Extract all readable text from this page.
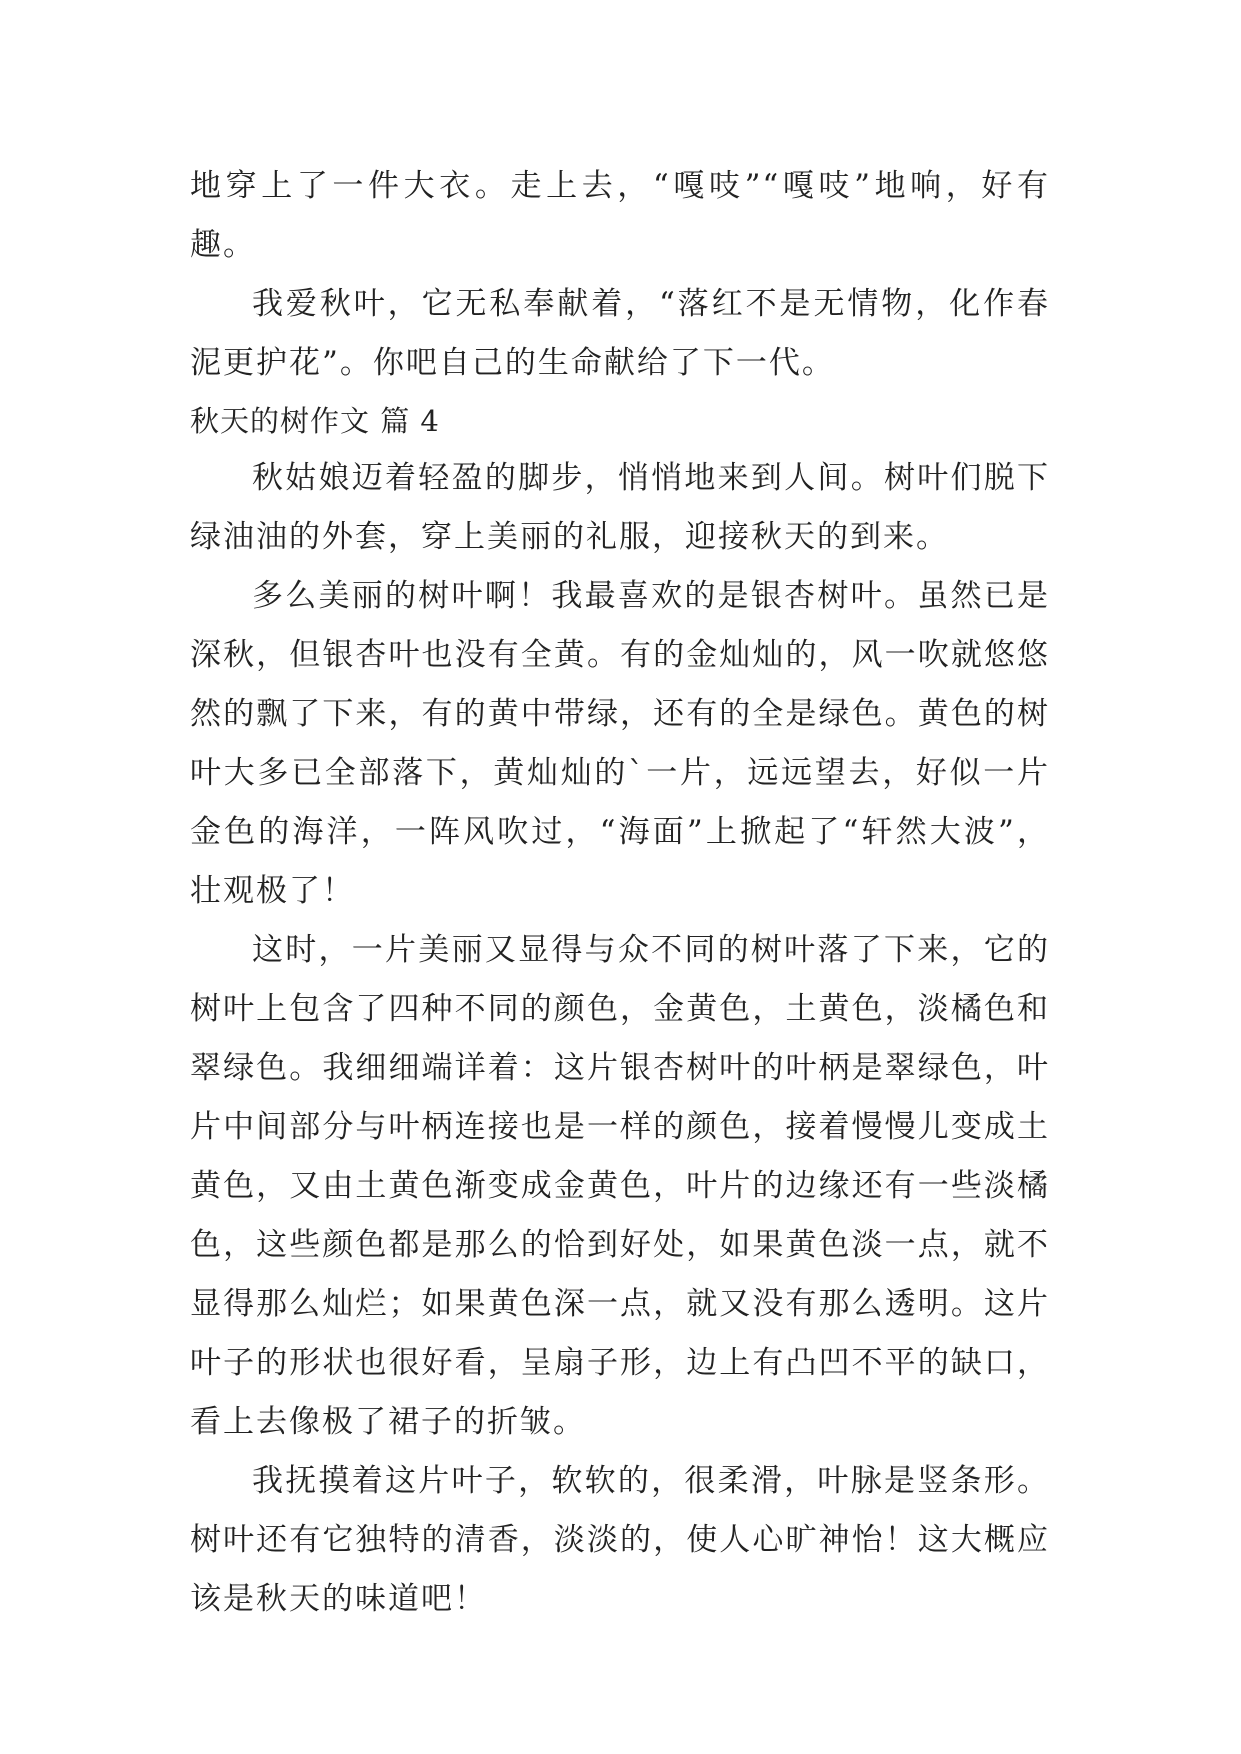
地穿上了一件大衣。走上去，“嘎吱”“嘎吱”地响，好有趣。

我爱秋叶，它无私奉献着，“落红不是无情物，化作春泥更护花”。你吧自己的生命献给了下一代。

秋天的树作文 篇 4

秋姑娘迈着轻盈的脚步，悄悄地来到人间。树叶们脱下绿油油的外套，穿上美丽的礼服，迎接秋天的到来。

多么美丽的树叶啊！我最喜欢的是银杏树叶。虽然已是深秋，但银杏叶也没有全黄。有的金灿灿的，风一吹就悠悠然的飘了下来，有的黄中带绿，还有的全是绿色。黄色的树叶大多已全部落下，黄灿灿的`一片，远远望去，好似一片金色的海洋，一阵风吹过，“海面”上掀起了“轩然大波”，壮观极了！

这时，一片美丽又显得与众不同的树叶落了下来，它的树叶上包含了四种不同的颜色，金黄色，土黄色，淡橘色和翠绿色。我细细端详着：这片银杏树叶的叶柄是翠绿色，叶片中间部分与叶柄连接也是一样的颜色，接着慢慢儿变成土黄色，又由土黄色渐变成金黄色，叶片的边缘还有一些淡橘色，这些颜色都是那么的恰到好处，如果黄色淡一点，就不显得那么灿烂；如果黄色深一点，就又没有那么透明。这片叶子的形状也很好看，呈扇子形，边上有凸凹不平的缺口，看上去像极了裙子的折皱。

我抚摸着这片叶子，软软的，很柔滑，叶脉是竖条形。树叶还有它独特的清香，淡淡的，使人心旷神怡！这大概应该是秋天的味道吧！
